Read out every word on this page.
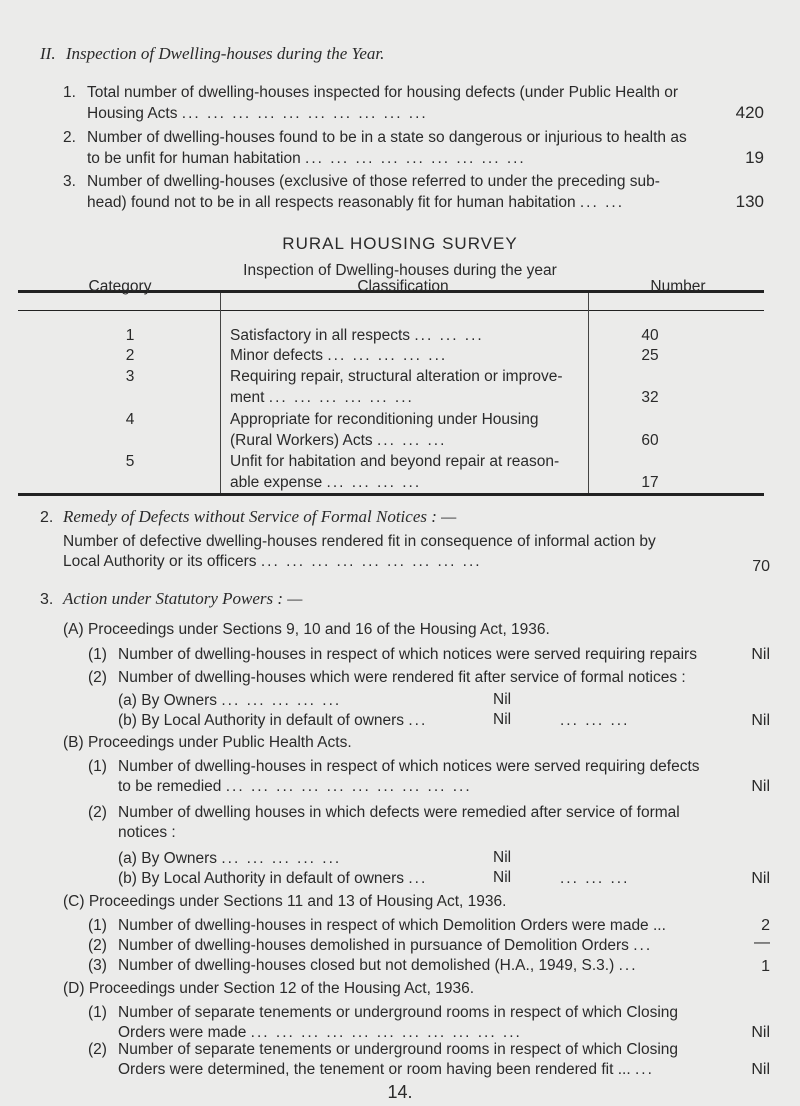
II. Inspection of Dwelling-houses during the Year.
1. Total number of dwelling-houses inspected for housing defects (under Public Health or
Housing Acts ... ... ... ... ... ... ... ... ... ...	420
2. Number of dwelling-houses found to be in a state so dangerous or injurious to health as
to be unfit for human habitation ... ... ... ... ... ... ... ... ...	19
3. Number of dwelling-houses (exclusive of those referred to under the preceding sub-
head) found not to be in all respects reasonably fit for human habitation ... ...	130
RURAL HOUSING SURVEY
Inspection of Dwelling-houses during the year
Category	Classification	Number
1	Satisfactory in all respects ... ... ...	40
2	Minor defects ... ... ... ... ...	25
3	Requiring repair, structural alteration or improve-
ment ... ... ... ... ... ...	32
4	Appropriate for reconditioning under Housing
(Rural Workers) Acts ... ... ...	60
5	Unfit for habitation and beyond repair at reason-
able expense ... ... ... ...	17
2. Remedy of Defects without Service of Formal Notices : —
Number of defective dwelling-houses rendered fit in consequence of informal action by
Local Authority or its officers ... ... ... ... ... ... ... ... ...	70
3. Action under Statutory Powers : —
(A) Proceedings under Sections 9, 10 and 16 of the Housing Act, 1936.
(1) Number of dwelling-houses in respect of which notices were served requiring repairs	Nil
(2) Number of dwelling-houses which were rendered fit after service of formal notices :
(a) By Owners ... ... ... ... ...	Nil
(b) By Local Authority in default of owners ...	Nil	... ... ...	Nil
(B) Proceedings under Public Health Acts.
(1) Number of dwelling-houses in respect of which notices were served requiring defects
to be remedied ... ... ... ... ... ... ... ... ... ...	Nil
(2) Number of dwelling houses in which defects were remedied after service of formal
notices :
(a) By Owners ... ... ... ... ...	Nil
(b) By Local Authority in default of owners ...	Nil	... ... ...	Nil
(C) Proceedings under Sections 11 and 13 of Housing Act, 1936.
(1) Number of dwelling-houses in respect of which Demolition Orders were made ...	2
(2) Number of dwelling-houses demolished in pursuance of Demolition Orders ...	—
(3) Number of dwelling-houses closed but not demolished (H.A., 1949, S.3.) ...	1
(D) Proceedings under Section 12 of the Housing Act, 1936.
(1) Number of separate tenements or underground rooms in respect of which Closing
Orders were made ... ... ... ... ... ... ... ... ... ... ...	Nil
(2) Number of separate tenements or underground rooms in respect of which Closing
Orders were determined, the tenement or room having been rendered fit ... ...	Nil
14.
